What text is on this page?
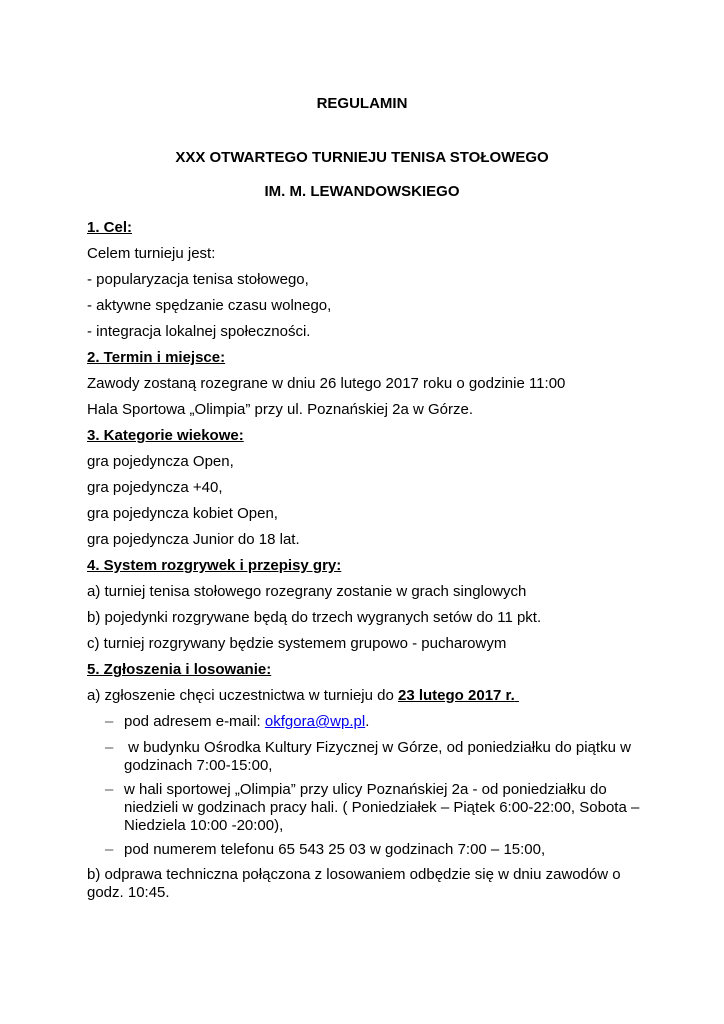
REGULAMIN
XXX OTWARTEGO TURNIEJU TENISA STOŁOWEGO
IM. M. LEWANDOWSKIEGO
1. Cel:
Celem turnieju jest:
- popularyzacja tenisa stołowego,
- aktywne spędzanie czasu wolnego,
- integracja lokalnej społeczności.
2. Termin i miejsce:
Zawody zostaną rozegrane w dniu 26 lutego 2017 roku o godzinie 11:00
Hala Sportowa „Olimpia” przy ul. Poznańskiej 2a w Górze.
3. Kategorie wiekowe:
gra pojedyncza Open,
gra pojedyncza +40,
gra pojedyncza kobiet Open,
gra pojedyncza Junior do 18 lat.
4. System rozgrywek i przepisy gry:
a) turniej tenisa stołowego rozegrany zostanie w grach singlowych
b) pojedynki rozgrywane będą do trzech wygranych setów do 11 pkt.
c) turniej rozgrywany będzie systemem grupowo - pucharowym
5. Zgłoszenia i losowanie:
a) zgłoszenie chęci uczestnictwa w turnieju do 23 lutego 2017 r.
– pod adresem e-mail: okfgora@wp.pl.
– w budynku Ośrodka Kultury Fizycznej w Górze, od poniedziałku do piątku w
godzinach 7:00-15:00,
– w hali sportowej „Olimpia” przy ulicy Poznańskiej 2a - od poniedziałku do
niedzieli w godzinach pracy hali. ( Poniedziałek – Piątek 6:00-22:00, Sobota –
Niedziela 10:00 -20:00),
– pod numerem telefonu 65 543 25 03 w godzinach 7:00 – 15:00,
b) odprawa techniczna połączona z losowaniem odbędzie się w dniu zawodów o
godz. 10:45.
